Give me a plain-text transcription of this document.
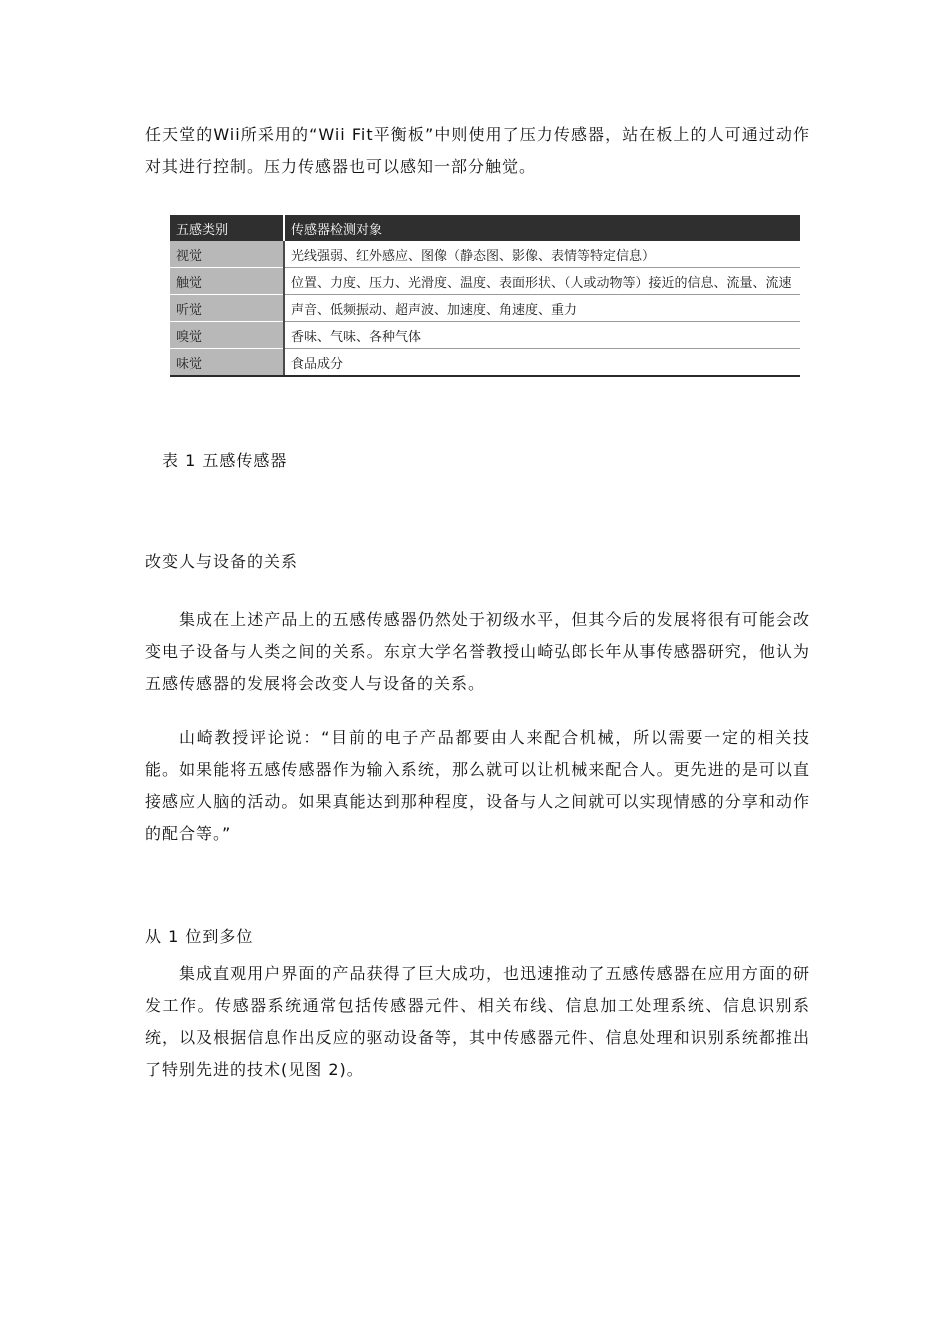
任天堂的Wii所采用的“Wii Fit平衡板”中则使用了压力传感器，站在板上的人可通过动作对其进行控制。压力传感器也可以感知一部分触觉。

五感类别	传感器检测对象
视觉	光线强弱、红外感应、图像（静态图、影像、表情等特定信息）
触觉	位置、力度、压力、光滑度、温度、表面形状、（人或动物等）接近的信息、流量、流速
听觉	声音、低频振动、超声波、加速度、角速度、重力
嗅觉	香味、气味、各种气体
味觉	食品成分

表 1 五感传感器

改变人与设备的关系

集成在上述产品上的五感传感器仍然处于初级水平，但其今后的发展将很有可能会改变电子设备与人类之间的关系。东京大学名誉教授山崎弘郎长年从事传感器研究，他认为五感传感器的发展将会改变人与设备的关系。

山崎教授评论说：“目前的电子产品都要由人来配合机械，所以需要一定的相关技能。如果能将五感传感器作为输入系统，那么就可以让机械来配合人。更先进的是可以直接感应人脑的活动。如果真能达到那种程度，设备与人之间就可以实现情感的分享和动作的配合等。”

从 1 位到多位

集成直观用户界面的产品获得了巨大成功，也迅速推动了五感传感器在应用方面的研发工作。传感器系统通常包括传感器元件、相关布线、信息加工处理系统、信息识别系统，以及根据信息作出反应的驱动设备等，其中传感器元件、信息处理和识别系统都推出了特别先进的技术(见图 2)。
